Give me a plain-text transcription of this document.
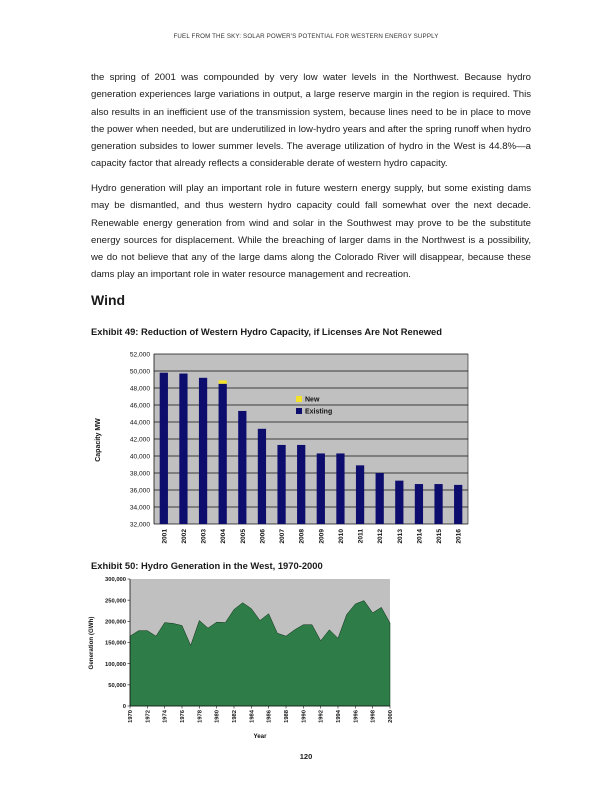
FUEL FROM THE SKY: SOLAR POWER'S POTENTIAL FOR WESTERN ENERGY SUPPLY

the spring of 2001 was compounded by very low water levels in the Northwest. Because hydro generation experiences large variations in output, a large reserve margin in the region is required. This also results in an inefficient use of the transmission system, because lines need to be in place to move the power when needed, but are underutilized in low-hydro years and after the spring runoff when hydro generation subsides to lower summer levels. The average utilization of hydro in the West is 44.8%—a capacity factor that already reflects a considerable derate of western hydro capacity.

Hydro generation will play an important role in future western energy supply, but some existing dams may be dismantled, and thus western hydro capacity could fall somewhat over the next decade. Renewable energy generation from wind and solar in the Southwest may prove to be the substitute energy sources for displacement. While the breaching of larger dams in the Northwest is a possibility, we do not believe that any of the large dams along the Colorado River will disappear, because these dams play an important role in water resource management and recreation.

Wind
Exhibit 49: Reduction of Western Hydro Capacity, if Licenses Are Not Renewed
Exhibit 50: Hydro Generation in the West, 1970-2000
32,000
34,000
36,000
38,000
40,000
42,000
44,000
46,000
48,000
50,000
52,000
2001 2002 2003 2004 2005 2006 2007 2008 2009 2010 2011 2012 2013 2014 2015 2016
New
Existing
Capacity MW
0
50,000
100,000
150,000
200,000
250,000
300,000
1970 1972 1974 1976 1978 1980 1982 1984 1986 1988 1990 1992 1994 1996 1998 2000
Year
Generation (GWh)
120
